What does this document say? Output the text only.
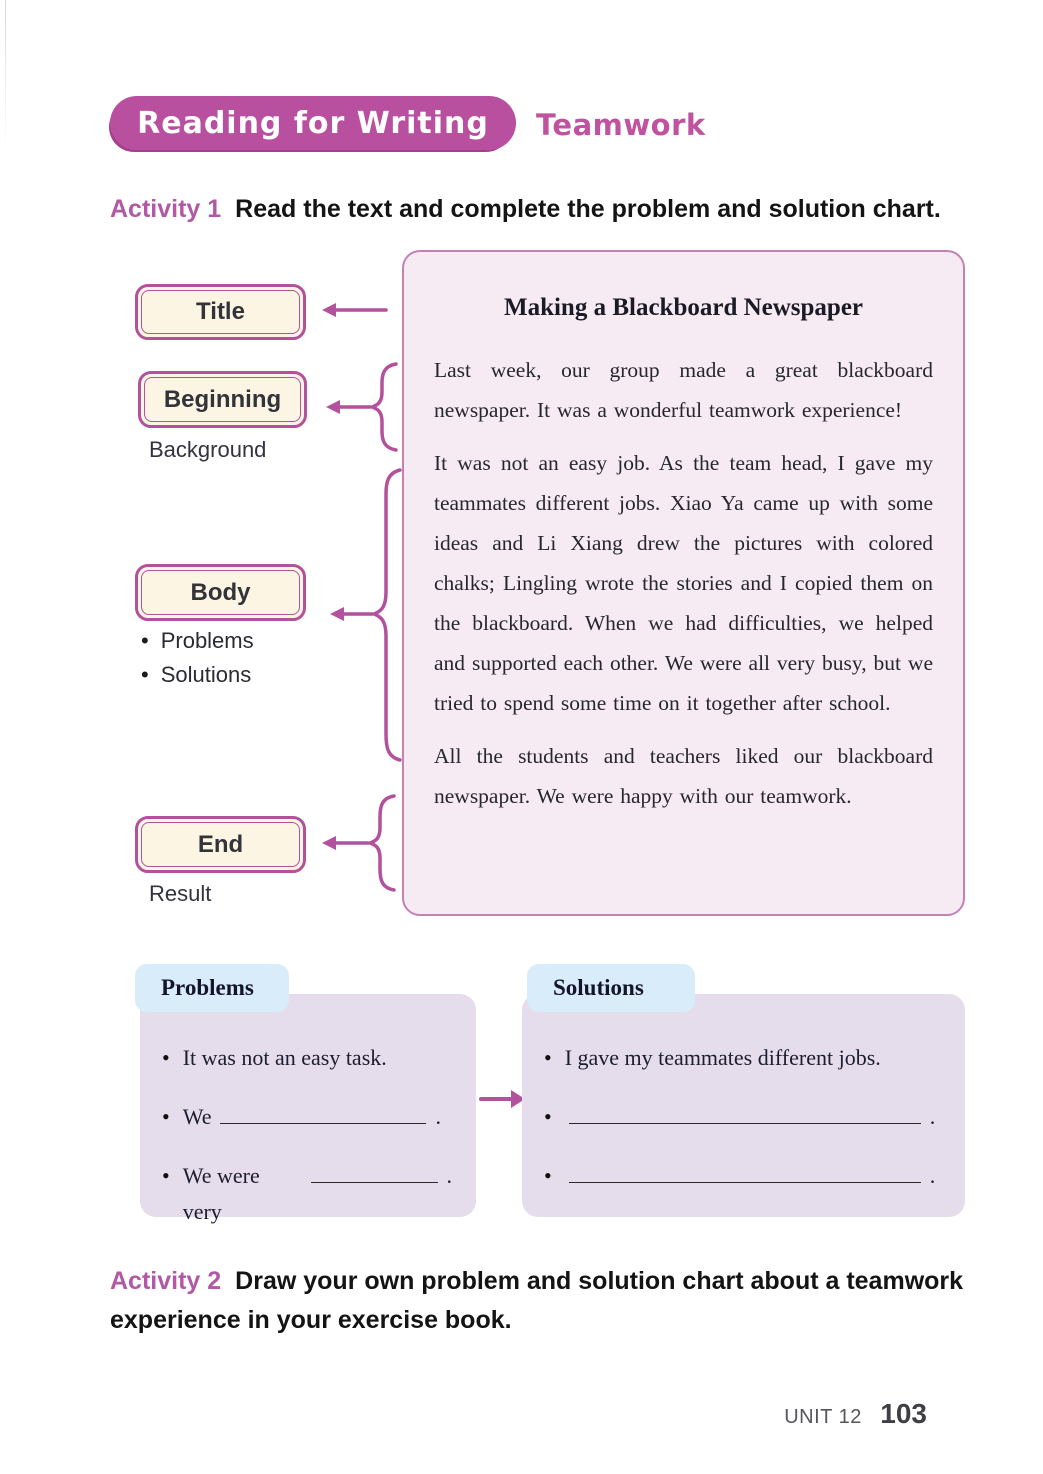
Reading for Writing Teamwork
Activity 1 Read the text and complete the problem and solution chart.
Title
Beginning
Background
Body
• Problems
• Solutions
End
Result
Making a Blackboard Newspaper

Last week, our group made a great blackboard newspaper. It was a wonderful teamwork experience!

It was not an easy job. As the team head, I gave my teammates different jobs. Xiao Ya came up with some ideas and Li Xiang drew the pictures with colored chalks; Lingling wrote the stories and I copied them on the blackboard. When we had difficulties, we helped and supported each other. We were all very busy, but we tried to spend some time on it together after school.

All the students and teachers liked our blackboard newspaper. We were happy with our teamwork.

Problems
• It was not an easy task.
• We	.
• We were very
.
Solutions
• I gave my teammates different jobs.
• .
• .
Activity 2 Draw your own problem and solution chart about a teamwork experience in your exercise book.
UNIT 12 103
